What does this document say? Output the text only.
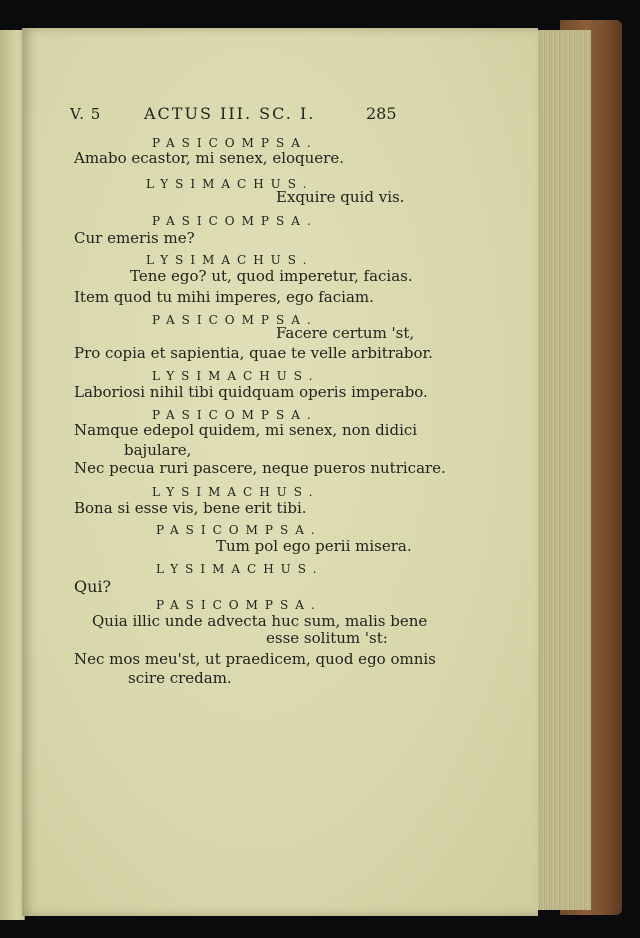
V. 5	ACTUS III. SC. I.	285
PASICOMPSA.
Amabo ecastor, mi senex, eloquere.
LYSIMACHUS.
Exquire quid vis.
PASICOMPSA.
Cur emeris me?
LYSIMACHUS.
Tene ego? ut, quod imperetur, facias.
Item quod tu mihi imperes, ego faciam.
PASICOMPSA.
Facere certum 'st,
Pro copia et sapientia, quae te velle arbitrabor.
LYSIMACHUS.
Laboriosi nihil tibi quidquam operis imperabo.
PASICOMPSA.
Namque edepol quidem, mi senex, non didici
bajulare,
Nec pecua ruri pascere, neque pueros nutricare.
LYSIMACHUS.
Bona si esse vis, bene erit tibi.
PASICOMPSA.
Tum pol ego perii misera.
LYSIMACHUS.
Qui?
PASICOMPSA.
Quia illic unde advecta huc sum, malis bene
esse solitum 'st:
Nec mos meu'st, ut praedicem, quod ego omnis
scire credam.
